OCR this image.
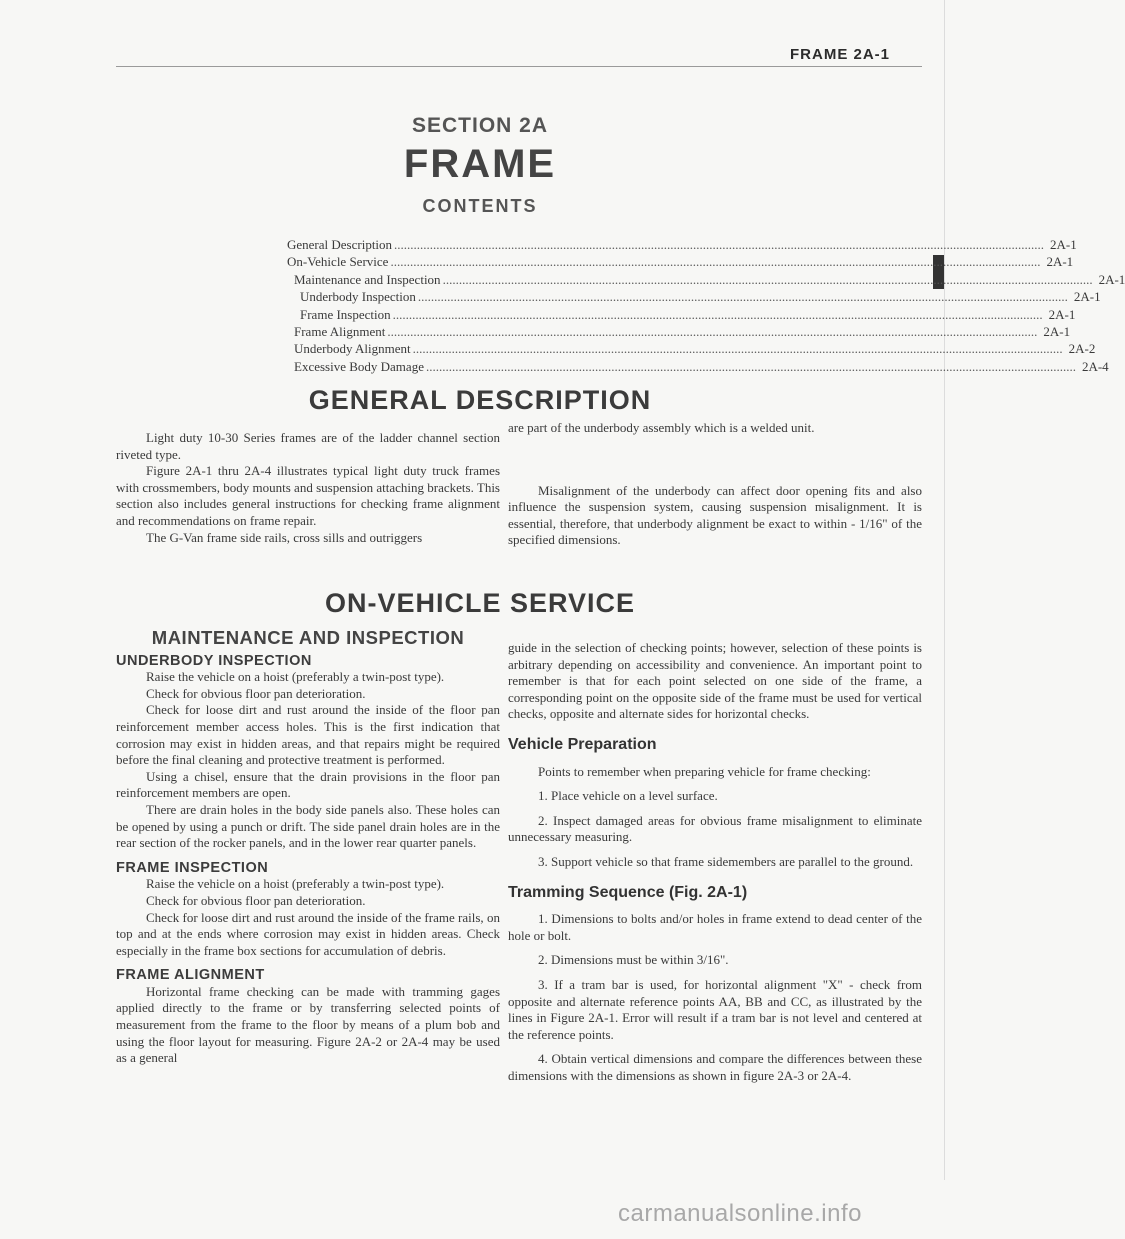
FRAME 2A-1
SECTION 2A
FRAME
CONTENTS
General Description ........................................................................................................................................................................................................ 2A-1
On-Vehicle Service ........................................................................................................................................................................................................ 2A-1
Maintenance and Inspection ........................................................................................................................................................................................................ 2A-1
Underbody Inspection ........................................................................................................................................................................................................ 2A-1
Frame Inspection ........................................................................................................................................................................................................ 2A-1
Frame Alignment ........................................................................................................................................................................................................ 2A-1
Underbody Alignment ........................................................................................................................................................................................................ 2A-2
Excessive Body Damage ........................................................................................................................................................................................................ 2A-4
GENERAL DESCRIPTION

Light duty 10-30 Series frames are of the ladder channel section riveted type.

Figure 2A-1 thru 2A-4 illustrates typical light duty truck frames with crossmembers, body mounts and suspension attaching brackets. This section also includes general instructions for checking frame alignment and recommendations on frame repair.

The G-Van frame side rails, cross sills and outriggers

are part of the underbody assembly which is a welded unit.

Misalignment of the underbody can affect door opening fits and also influence the suspension system, causing suspension misalignment. It is essential, therefore, that underbody alignment be exact to within - 1/16" of the specified dimensions.

ON-VEHICLE SERVICE
MAINTENANCE AND INSPECTION
UNDERBODY INSPECTION

Raise the vehicle on a hoist (preferably a twin-post type).

Check for obvious floor pan deterioration.

Check for loose dirt and rust around the inside of the floor pan reinforcement member access holes. This is the first indication that corrosion may exist in hidden areas, and that repairs might be required before the final cleaning and protective treatment is performed.

Using a chisel, ensure that the drain provisions in the floor pan reinforcement members are open.

There are drain holes in the body side panels also. These holes can be opened by using a punch or drift. The side panel drain holes are in the rear section of the rocker panels, and in the lower rear quarter panels.

FRAME INSPECTION

Raise the vehicle on a hoist (preferably a twin-post type).

Check for obvious floor pan deterioration.

Check for loose dirt and rust around the inside of the frame rails, on top and at the ends where corrosion may exist in hidden areas. Check especially in the frame box sections for accumulation of debris.

FRAME ALIGNMENT

Horizontal frame checking can be made with tramming gages applied directly to the frame or by transferring selected points of measurement from the frame to the floor by means of a plum bob and using the floor layout for measuring. Figure 2A-2 or 2A-4 may be used as a general

guide in the selection of checking points; however, selection of these points is arbitrary depending on accessibility and convenience. An important point to remember is that for each point selected on one side of the frame, a corresponding point on the opposite side of the frame must be used for vertical checks, opposite and alternate sides for horizontal checks.

Vehicle Preparation

Points to remember when preparing vehicle for frame checking:

1. Place vehicle on a level surface.

2. Inspect damaged areas for obvious frame misalignment to eliminate unnecessary measuring.

3. Support vehicle so that frame sidemembers are parallel to the ground.

Tramming Sequence (Fig. 2A-1)

1. Dimensions to bolts and/or holes in frame extend to dead center of the hole or bolt.

2. Dimensions must be within 3/16".

3. If a tram bar is used, for horizontal alignment "X" - check from opposite and alternate reference points AA, BB and CC, as illustrated by the lines in Figure 2A-1. Error will result if a tram bar is not level and centered at the reference points.

4. Obtain vertical dimensions and compare the differences between these dimensions with the dimensions as shown in figure 2A-3 or 2A-4.

carmanualsonline.info
